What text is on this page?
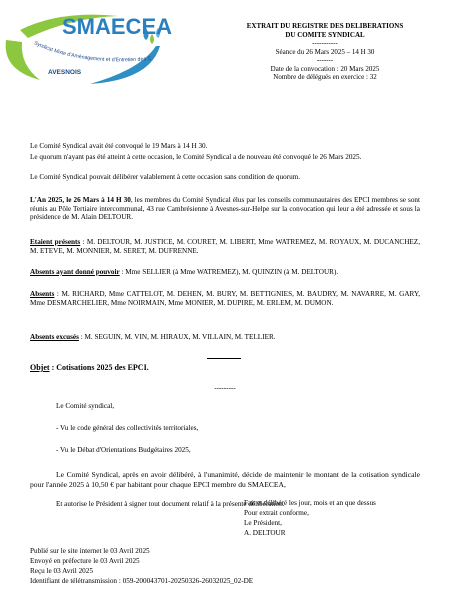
SMAECEA
Syndicat Mixte d'Aménagement et d'Entretien des C
AVESNOIS
EXTRAIT DU REGISTRE DES DELIBERATIONS
DU COMITE SYNDICAL
-----------
Séance du 26 Mars 2025 – 14 H 30
-------
Date de la convocation : 20 Mars 2025
Nombre de délégués en exercice : 32
Le Comité Syndical avait été convoqué le 19 Mars à 14 H 30.
Le quorum n'ayant pas été atteint à cette occasion, le Comité Syndical a de nouveau été convoqué le 26 Mars 2025.
Le Comité Syndical pouvait délibérer valablement à cette occasion sans condition de quorum.
L'An 2025, le 26 Mars à 14 H 30, les membres du Comité Syndical élus par les conseils communautaires des EPCI membres se sont réunis au Pôle Tertiaire intercommunal, 43 rue Cambrésienne à Avesnes-sur-Helpe sur la convocation qui leur a été adressée et sous la présidence de M. Alain DELTOUR.
Etaient présents : M. DELTOUR, M. JUSTICE, M. COURET, M. LIBERT, Mme WATREMEZ, M. ROYAUX, M. DUCANCHEZ, M. ETEVE, M. MONNIER, M. SERET, M. DUFRENNE.
Absents ayant donné pouvoir : Mme SELLIER (à Mme WATREMEZ), M. QUINZIN (à M. DELTOUR).
Absents : M. RICHARD, Mme CATTELOT, M. DEHEN, M. BURY, M. BETTIGNIES, M. BAUDRY, M. NAVARRE, M. GARY, Mme DESMARCHELIER, Mme NOIRMAIN, Mme MONIER, M. DUPIRE, M. ERLEM, M. DUMON.
Absents excusés : M. SEGUIN, M. VIN, M. HIRAUX, M. VILLAIN, M. TELLIER.
Objet : Cotisations 2025 des EPCI.
---------
Le Comité syndical,
- Vu le code général des collectivités territoriales,
- Vu le Débat d'Orientations Budgétaires 2025,
Le Comité Syndical, après en avoir délibéré, à l'unanimité, décide de maintenir le montant de la cotisation syndicale pour l'année 2025 à 10,50 € par habitant pour chaque EPCI membre du SMAECEA,
Et autorise le Président à signer tout document relatif à la présente délibération.
Fait et délibéré les jour, mois et an que dessus
Pour extrait conforme,
Le Président,
A. DELTOUR
Publié sur le site internet le 03 Avril 2025
Envoyé en préfecture le 03 Avril 2025
Reçu le 03 Avril 2025
Identifiant de télétransmission : 059-200043701-20250326-26032025_02-DE
